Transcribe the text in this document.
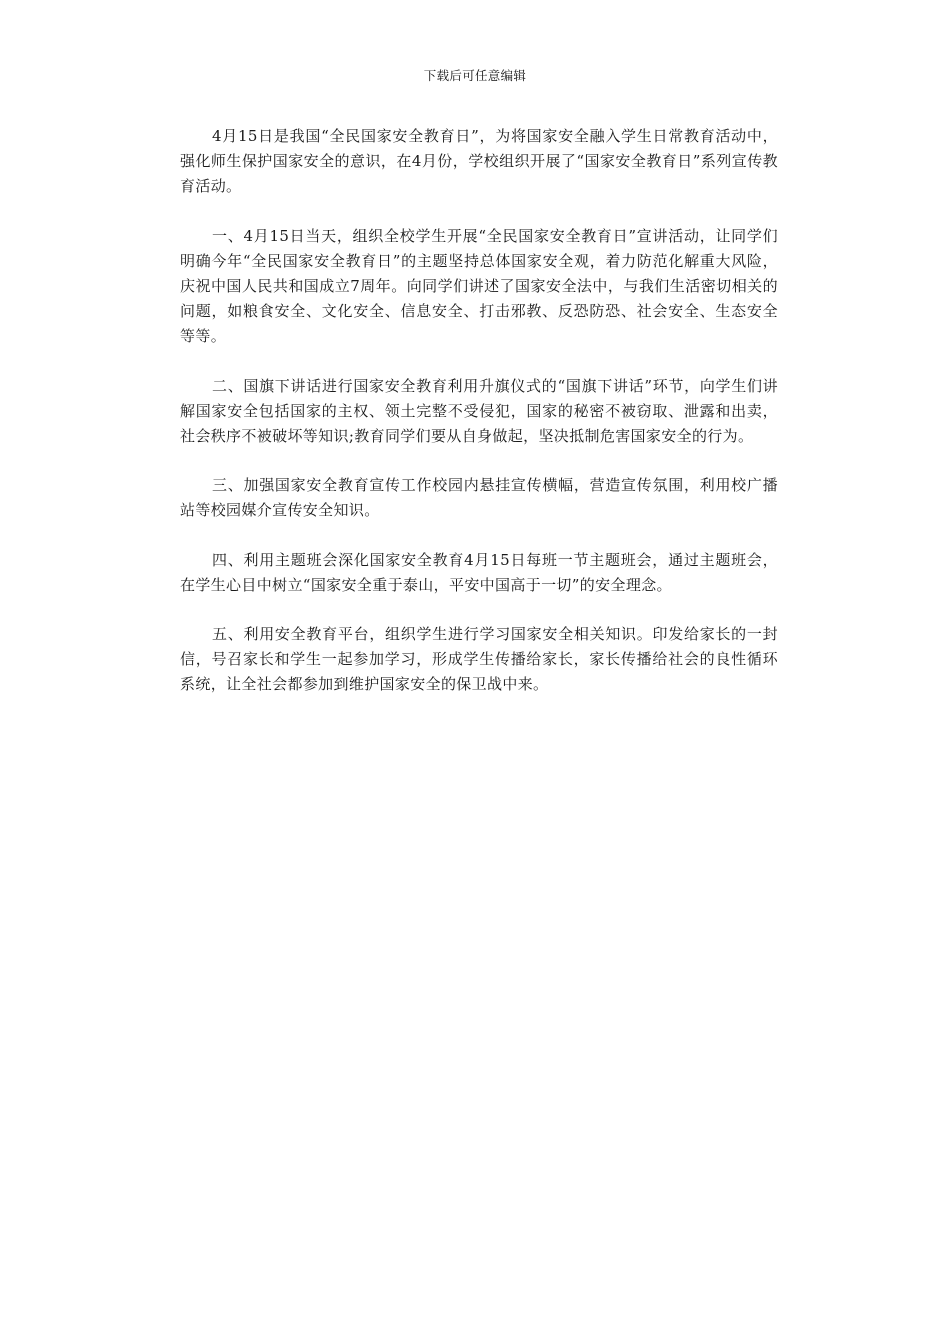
下载后可任意编辑

4月15日是我国“全民国家安全教育日”，为将国家安全融入学生日常教育活动中，强化师生保护国家安全的意识，在4月份，学校组织开展了“国家安全教育日”系列宣传教育活动。

一、4月15日当天，组织全校学生开展“全民国家安全教育日”宣讲活动，让同学们明确今年“全民国家安全教育日”的主题坚持总体国家安全观，着力防范化解重大风险，庆祝中国人民共和国成立7周年。向同学们讲述了国家安全法中，与我们生活密切相关的问题，如粮食安全、文化安全、信息安全、打击邪教、反恐防恐、社会安全、生态安全等等。

二、国旗下讲话进行国家安全教育利用升旗仪式的“国旗下讲话”环节，向学生们讲解国家安全包括国家的主权、领土完整不受侵犯，国家的秘密不被窃取、泄露和出卖，社会秩序不被破坏等知识;教育同学们要从自身做起，坚决抵制危害国家安全的行为。

三、加强国家安全教育宣传工作校园内悬挂宣传横幅，营造宣传氛围，利用校广播站等校园媒介宣传安全知识。

四、利用主题班会深化国家安全教育4月15日每班一节主题班会，通过主题班会，在学生心目中树立“国家安全重于泰山，平安中国高于一切”的安全理念。

五、利用安全教育平台，组织学生进行学习国家安全相关知识。印发给家长的一封信，号召家长和学生一起参加学习，形成学生传播给家长，家长传播给社会的良性循环系统，让全社会都参加到维护国家安全的保卫战中来。
